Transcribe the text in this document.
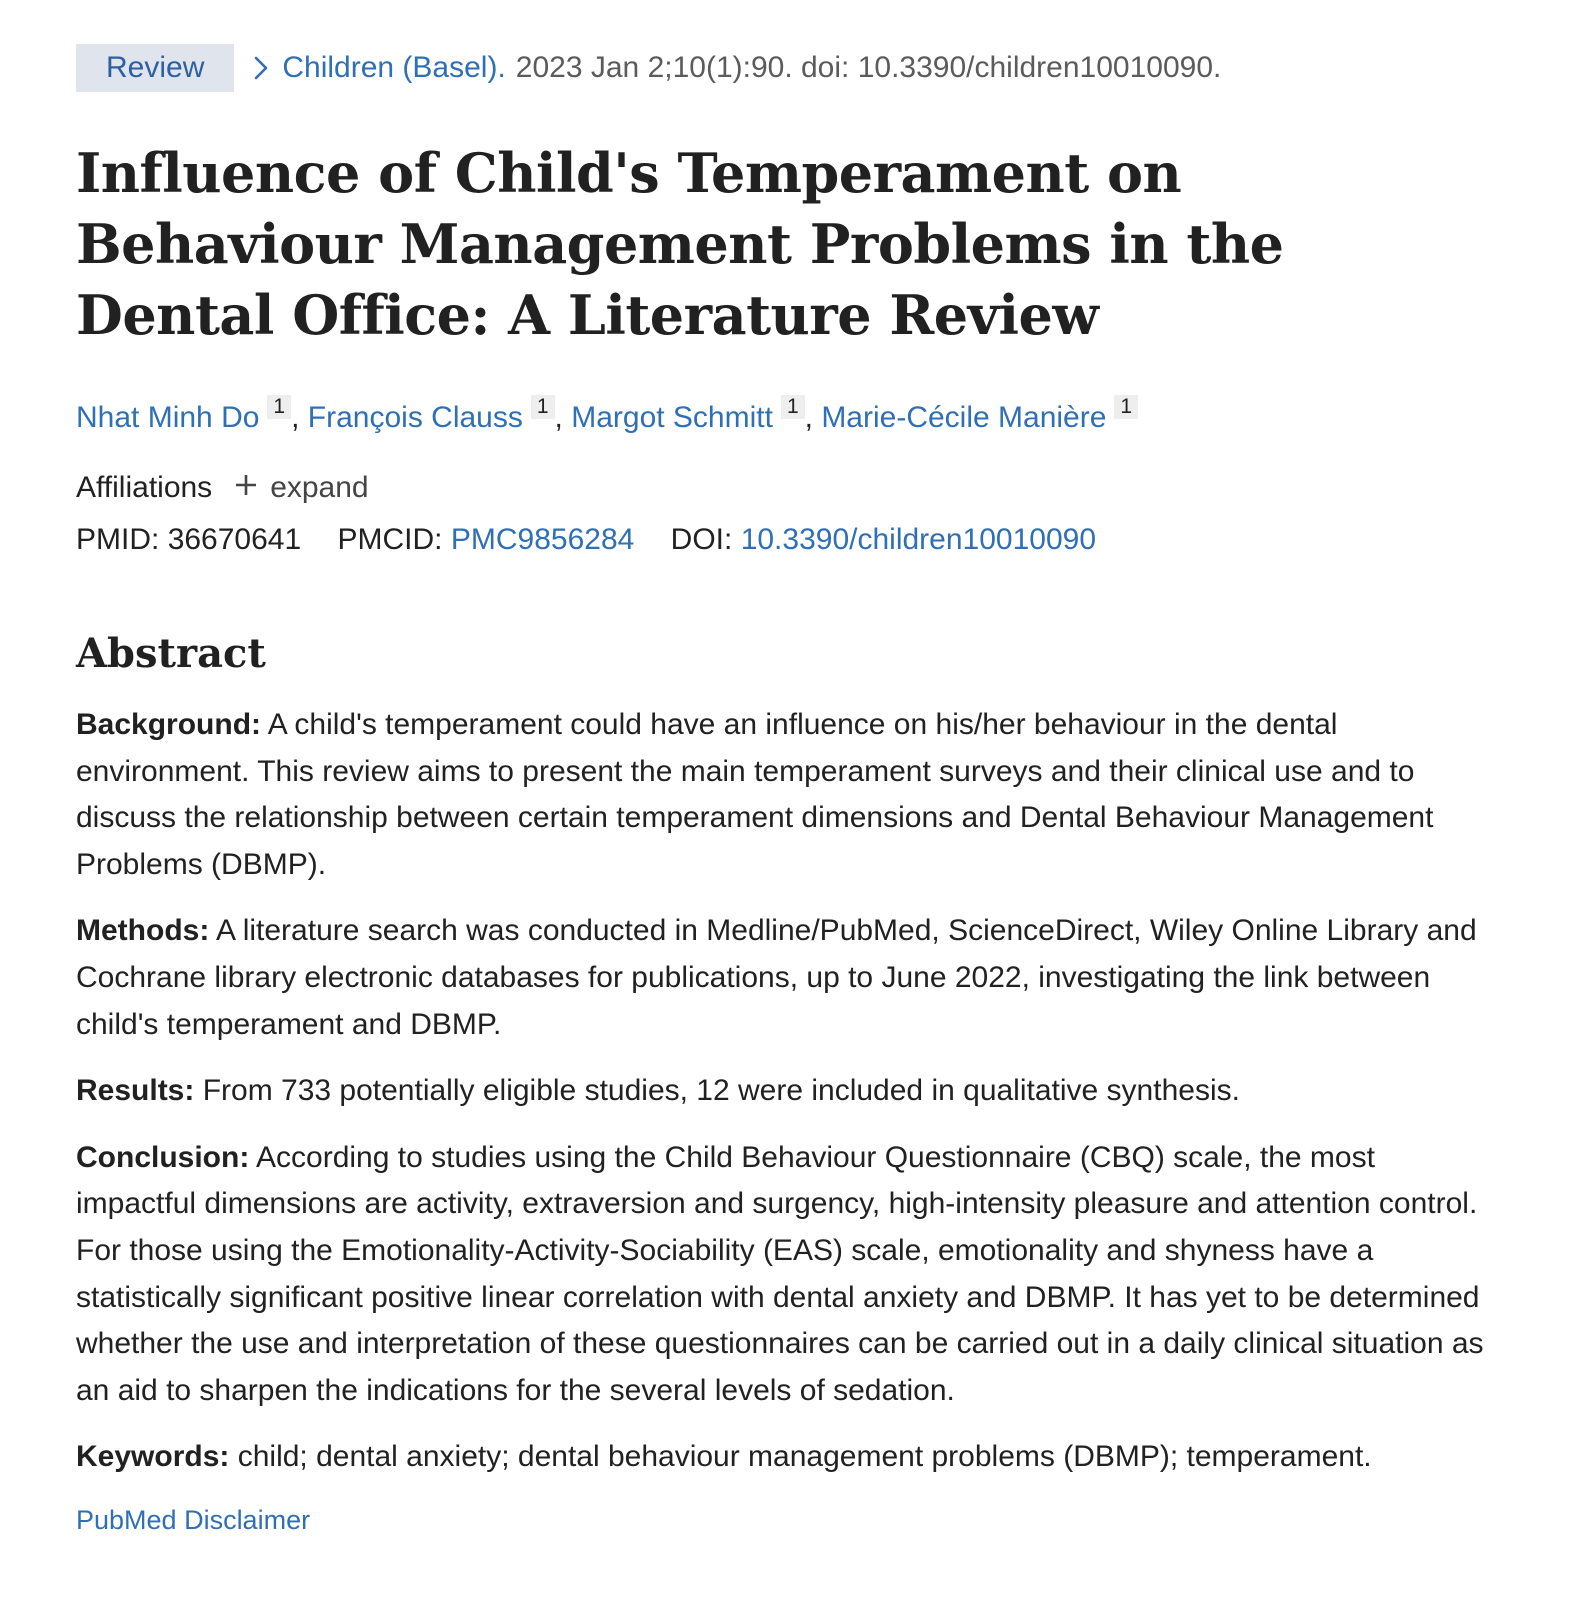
Review	Children (Basel). 2023 Jan 2;10(1):90. doi: 10.3390/children10010090.
Influence of Child's Temperament on Behaviour Management Problems in the Dental Office: A Literature Review
Nhat Minh Do 1 , François Clauss 1 , Margot Schmitt 1 , Marie-Cécile Manière 1
Affiliations expand
PMID: 36670641 PMCID: PMC9856284 DOI: 10.3390/children10010090
Abstract

Background: A child's temperament could have an influence on his/her behaviour in the dental environment. This review aims to present the main temperament surveys and their clinical use and to discuss the relationship between certain temperament dimensions and Dental Behaviour Management Problems (DBMP).

Methods: A literature search was conducted in Medline/PubMed, ScienceDirect, Wiley Online Library and Cochrane library electronic databases for publications, up to June 2022, investigating the link between child's temperament and DBMP.

Results: From 733 potentially eligible studies, 12 were included in qualitative synthesis.

Conclusion: According to studies using the Child Behaviour Questionnaire (CBQ) scale, the most impactful dimensions are activity, extraversion and surgency, high-intensity pleasure and attention control. For those using the Emotionality-Activity-Sociability (EAS) scale, emotionality and shyness have a statistically significant positive linear correlation with dental anxiety and DBMP. It has yet to be determined whether the use and interpretation of these questionnaires can be carried out in a daily clinical situation as an aid to sharpen the indications for the several levels of sedation.

Keywords: child; dental anxiety; dental behaviour management problems (DBMP); temperament.

PubMed Disclaimer
